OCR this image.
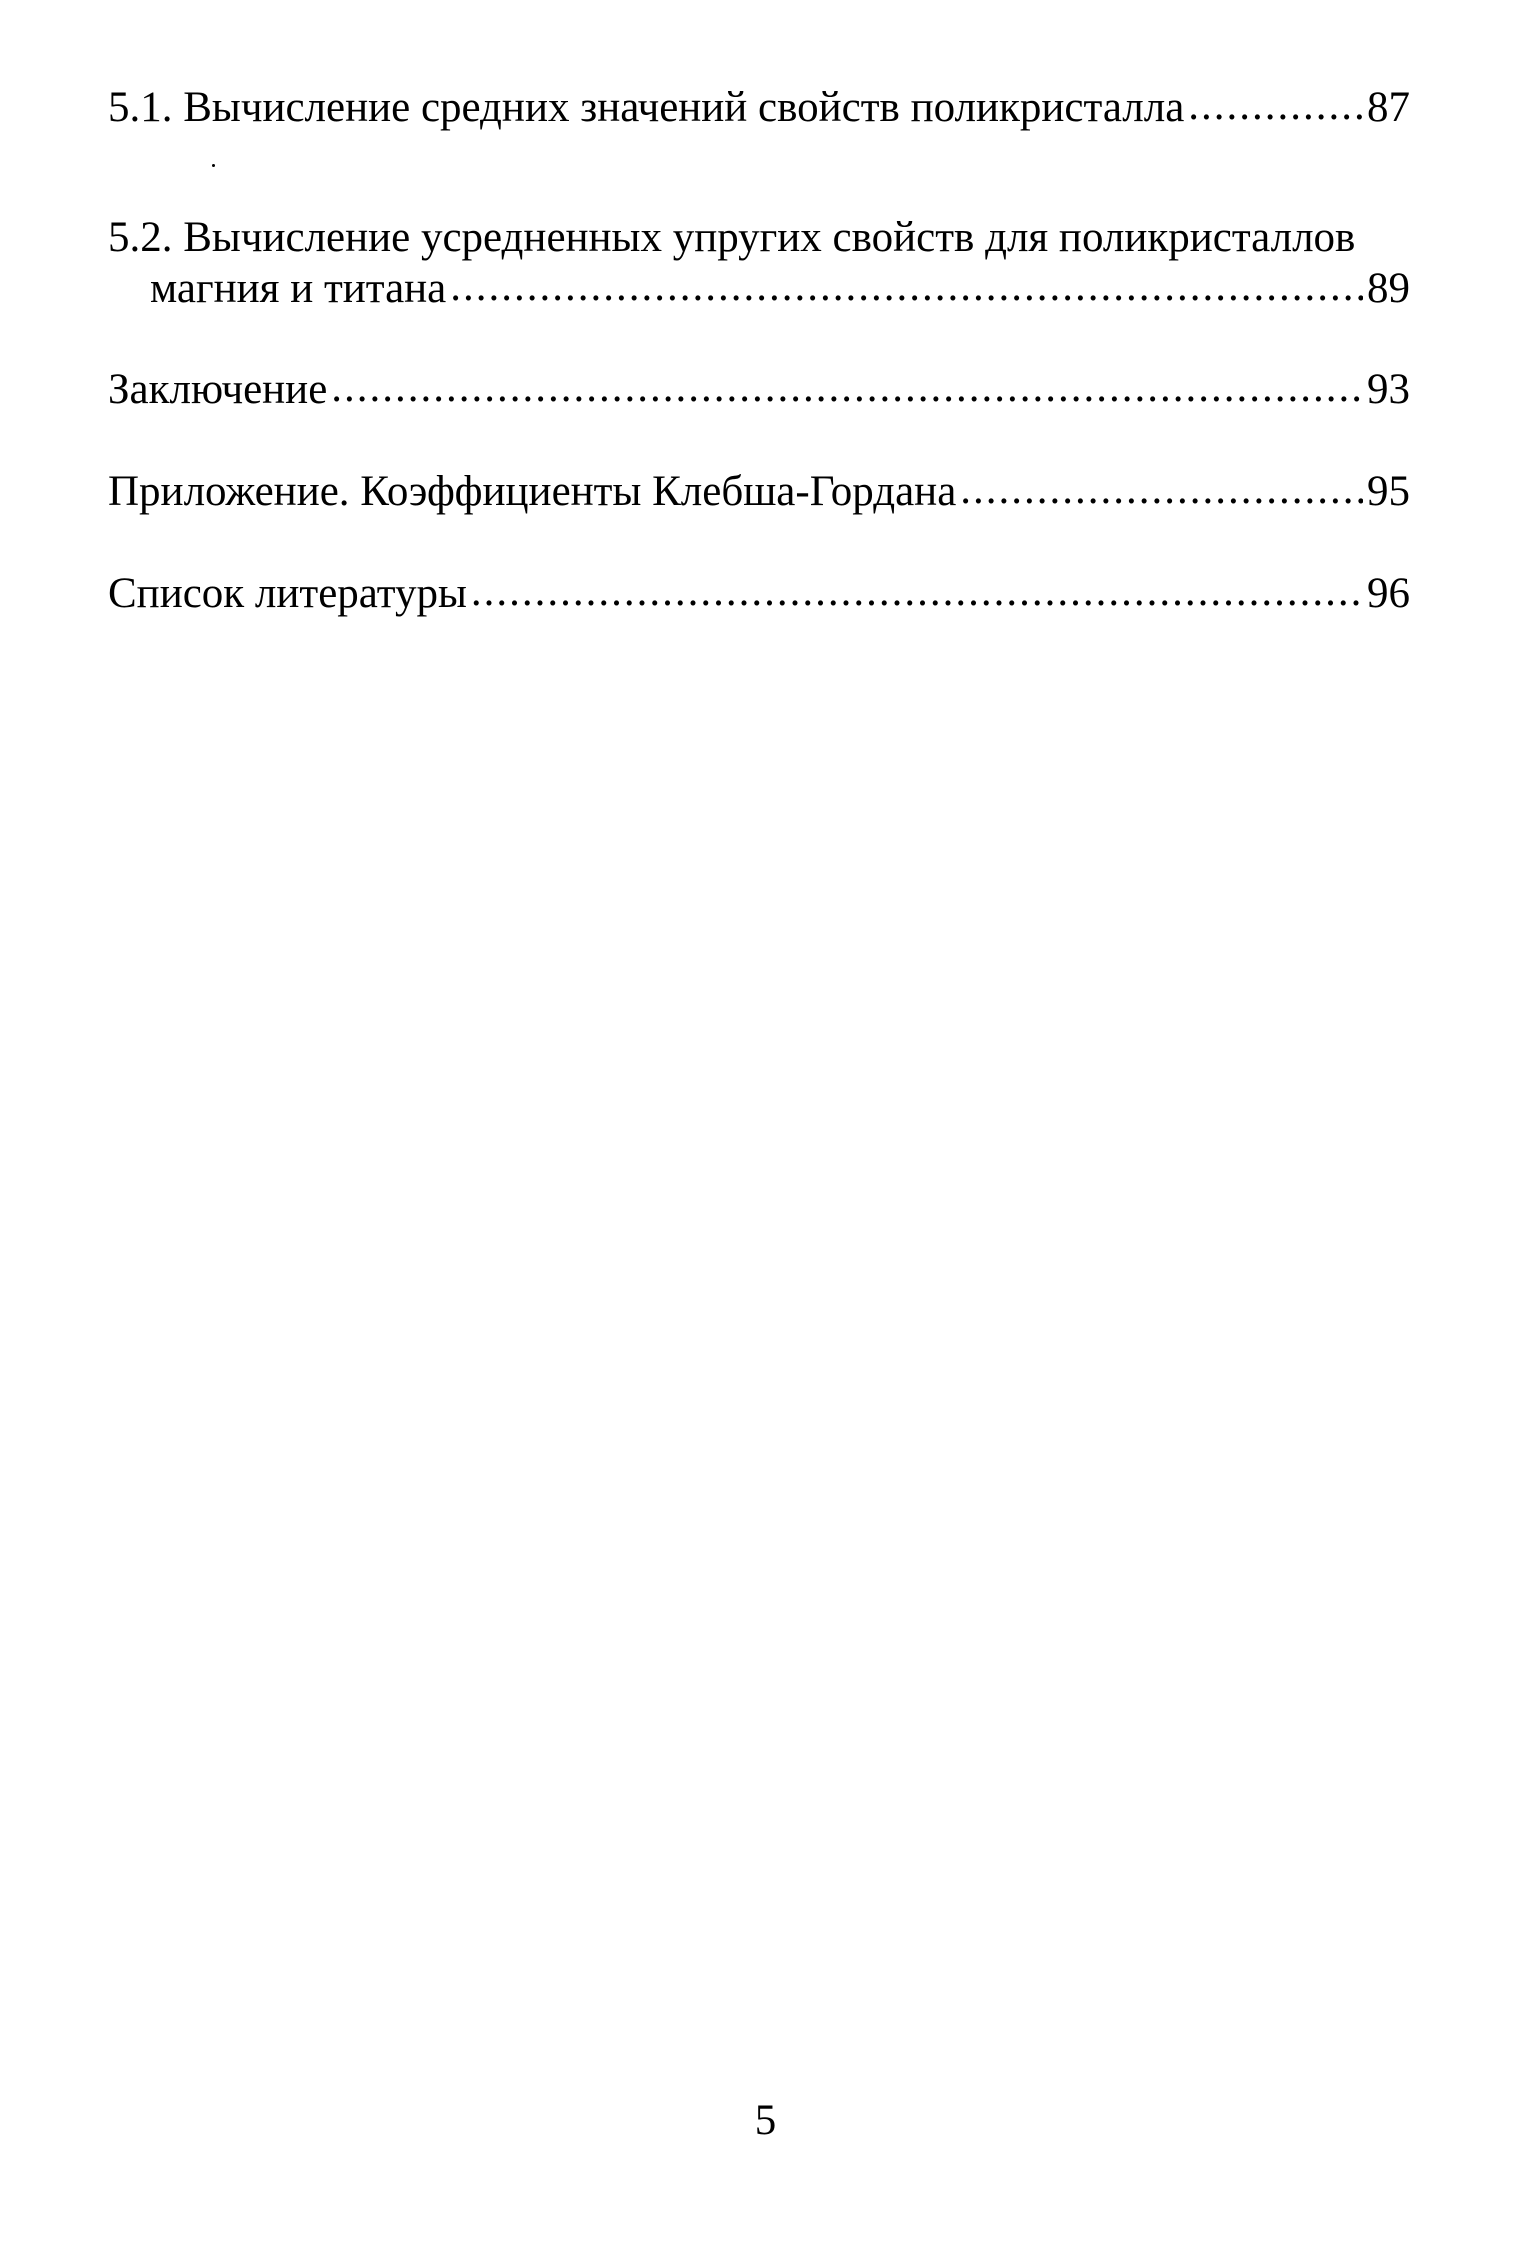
5.1. Вычисление средних значений свойств поликристалла .....	87
5.2. Вычисление усредненных упругих свойств для поликристаллов
магния и титана .....	89
Заключение .....	93
Приложение. Коэффициенты Клебша-Гордана .....	95
Список литературы .....	96
5
